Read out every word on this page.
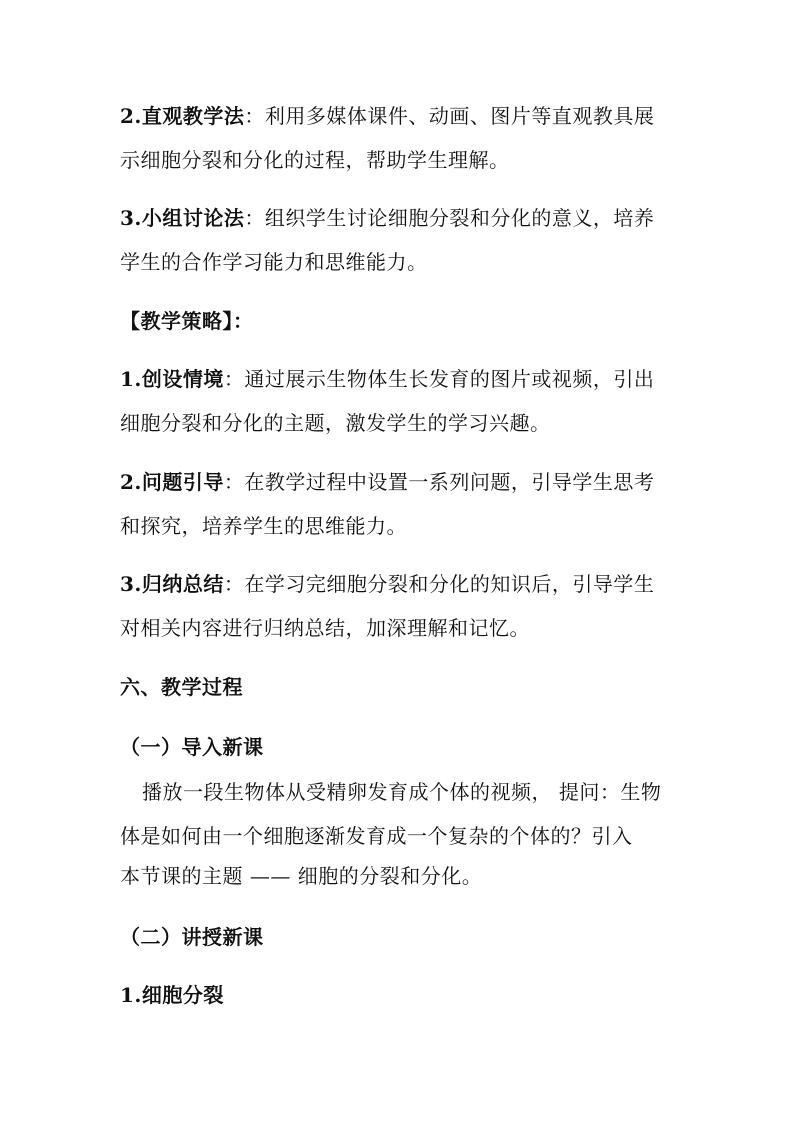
2.直观教学法：利用多媒体课件、动画、图片等直观教具展
示细胞分裂和分化的过程，帮助学生理解。
3.小组讨论法：组织学生讨论细胞分裂和分化的意义，培养
学生的合作学习能力和思维能力。
【教学策略】：
1.创设情境：通过展示生物体生长发育的图片或视频，引出
细胞分裂和分化的主题，激发学生的学习兴趣。
2.问题引导：在教学过程中设置一系列问题，引导学生思考
和探究，培养学生的思维能力。
3.归纳总结：在学习完细胞分裂和分化的知识后，引导学生
对相关内容进行归纳总结，加深理解和记忆。
六、教学过程
（一）导入新课
播放一段生物体从受精卵发育成个体的视频， 提问：生物
体是如何由一个细胞逐渐发育成一个复杂的个体的？引入
本节课的主题 —— 细胞的分裂和分化。
（二）讲授新课
1.细胞分裂
